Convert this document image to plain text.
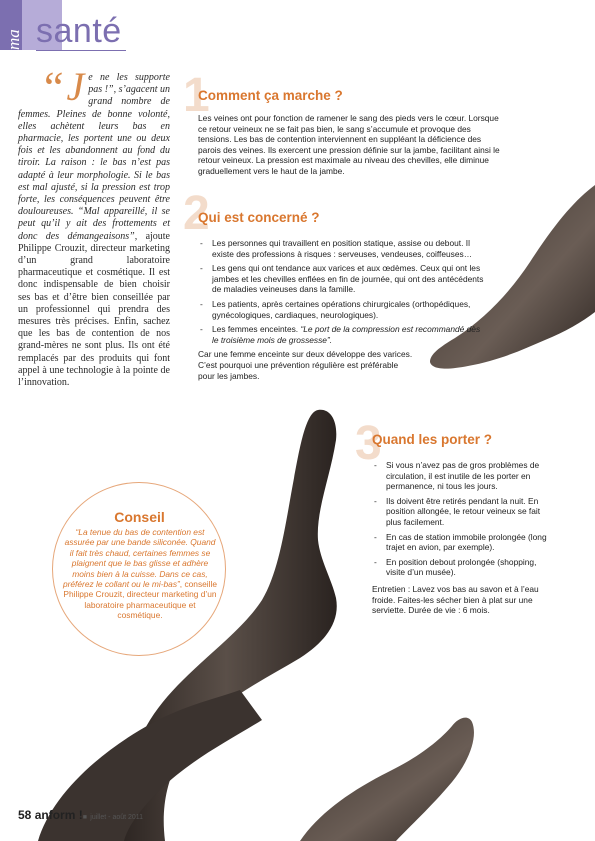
ma santé
“ J e ne les supporte pas !”, s’agacent un grand nombre de femmes. Pleines de bonne volonté, elles achètent leurs bas en pharmacie, les portent une ou deux fois et les abandonnent au fond du tiroir. La raison : le bas n’est pas adapté à leur morphologie. Si le bas est mal ajusté, si la pression est trop forte, les conséquences peuvent être douloureuses. “Mal appareillé, il se peut qu’il y ait des frottements et donc des démangeaisons”, ajoute Philippe Crouzit, directeur marketing d’un grand laboratoire pharmaceutique et cosmétique. Il est donc indispensable de bien choisir ses bas et d’être bien conseillée par un professionnel qui prendra des mesures très précises. Enfin, sachez que les bas de contention de nos grand-mères ne sont plus. Ils ont été remplacés par des produits qui font appel à une technologie à la pointe de l’innovation.
1
Comment ça marche ?
Les veines ont pour fonction de ramener le sang des pieds vers le cœur. Lorsque ce retour veineux ne se fait pas bien, le sang s’accumule et provoque des tensions. Les bas de contention interviennent en suppléant la déficience des parois des veines. Ils exercent une pression définie sur la jambe, facilitant ainsi le retour veineux. La pression est maximale au niveau des chevilles, elle diminue graduellement vers le haut de la jambe.
2
Qui est concerné ?
- Les personnes qui travaillent en position statique, assise ou debout. Il existe des professions à risques : serveuses, vendeuses, coiffeuses…
- Les gens qui ont tendance aux varices et aux œdèmes. Ceux qui ont les jambes et les chevilles enflées en fin de journée, qui ont des antécédents de maladies veineuses dans la famille.
- Les patients, après certaines opérations chirurgicales (orthopédiques, gynécologiques, cardiaques, neurologiques).
- Les femmes enceintes. “Le port de la compression est recommandé dès le troisième mois de grossesse”.
Car une femme enceinte sur deux développe des varices. C’est pourquoi une prévention régulière est préférable pour les jambes.
3
Quand les porter ?
- Si vous n’avez pas de gros problèmes de circulation, il est inutile de les porter en permanence, ni tous les jours.
- Ils doivent être retirés pendant la nuit. En position allongée, le retour veineux se fait plus facilement.
- En cas de station immobile prolongée (long trajet en avion, par exemple).
- En position debout prolongée (shopping, visite d’un musée).
Entretien : Lavez vos bas au savon et à l’eau froide. Faites-les sécher bien à plat sur une serviette. Durée de vie : 6 mois.
Conseil
“La tenue du bas de contention est assurée par une bande siliconée. Quand il fait très chaud, certaines femmes se plaignent que le bas glisse et adhère moins bien à la cuisse. Dans ce cas, préférez le collant ou le mi-bas”, conseille Philippe Crouzit, directeur marketing d’un laboratoire pharmaceutique et cosmétique.
58 anform !■ juillet - août 2011
